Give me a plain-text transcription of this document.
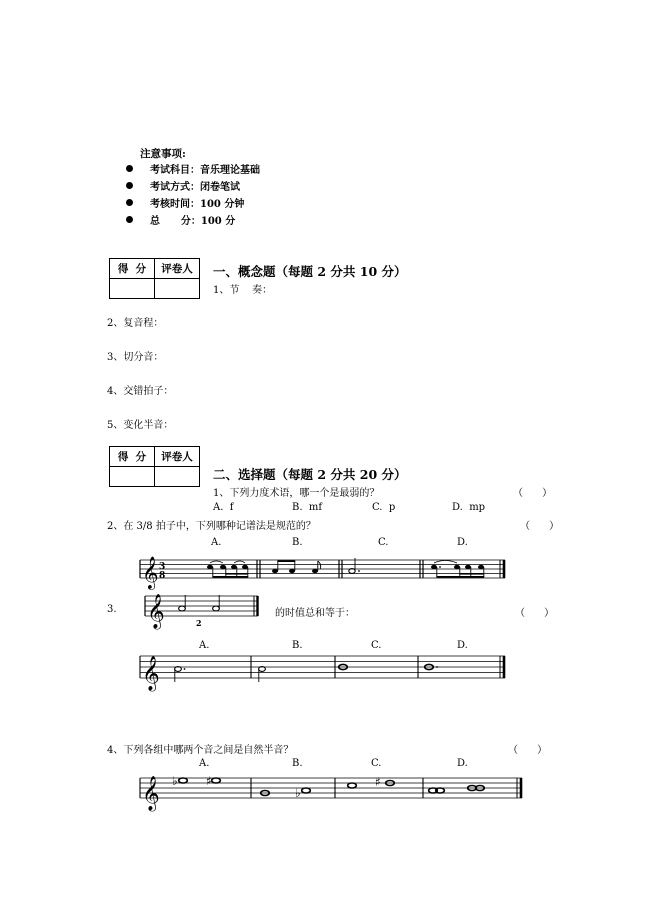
注意事项:
考试科目：音乐理论基础
考试方式：闭卷笔试
考核时间：100 分钟
总      分：100 分
得  分	评卷人
	一、概念题（每题 2 分共 10 分）
1、节    奏：
2、复音程：
3、切分音：
4、交错拍子：
5、变化半音：
得  分	评卷人

二、选择题（每题 2 分共 20 分）
1、下列力度术语，哪一个是最弱的？	（      ）
A.  f	B.  mf	C.  p	D.  mp
2、在 3/8 拍子中，下列哪种记谱法是规范的？	（      ）
A.	B.	C.	D.
𝄞 3
8
3.	的时值总和等于：	（      ）
A.	B.	C.	D.
𝄞	2
𝄞
4、下列各组中哪两个音之间是自然半音？	（      ）
A.	B.	C.	D.
𝄞 ♭ ♯
♭
♯
